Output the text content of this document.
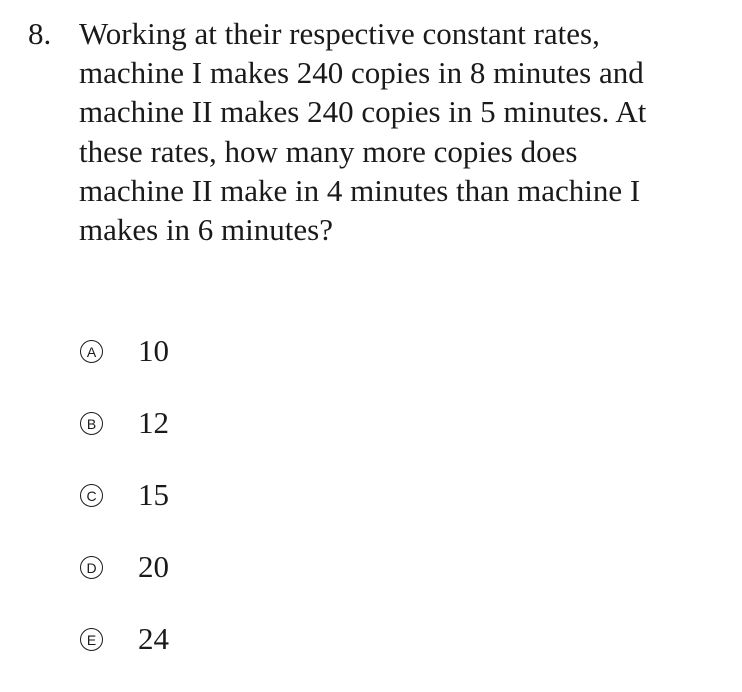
8. Working at their respective constant rates,
machine I makes 240 copies in 8 minutes and
machine II makes 240 copies in 5 minutes. At
these rates, how many more copies does
machine II make in 4 minutes than machine I
makes in 6 minutes?
A 10
B 12
C 15
D 20
E 24
